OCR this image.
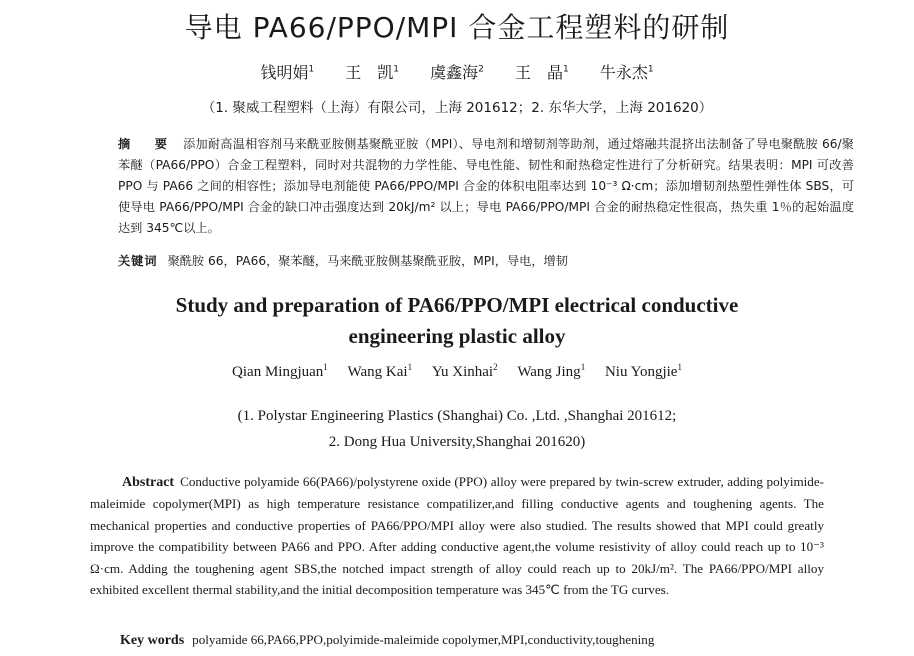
导电 PA66/PPO/MPI 合金工程塑料的研制
钱明娟$^1$ 王　凯$^1$ 虞鑫海$^2$ 王　晶$^1$ 牛永杰$^1$
（1. 聚威工程塑料（上海）有限公司，上海 201612；2. 东华大学，上海 201620）
摘　要 添加耐高温相容剂马来酰亚胺侧基聚酰亚胺（MPI）、导电剂和增韧剂等助剂，通过熔融共混挤出法制备了导电聚酰胺 66/聚苯醚（PA66/PPO）合金工程塑料，同时对共混物的力学性能、导电性能、韧性和耐热稳定性进行了分析研究。结果表明：MPI 可改善 PPO 与 PA66 之间的相容性；添加导电剂能使 PA66/PPO/MPI 合金的体积电阻率达到 10⁻³ Ω·cm；添加增韧剂热塑性弹性体 SBS，可使导电 PA66/PPO/MPI 合金的缺口冲击强度达到 20kJ/m² 以上；导电 PA66/PPO/MPI 合金的耐热稳定性很高，热失重 1％的起始温度达到 345℃以上。
关键词 聚酰胺 66，PA66，聚苯醚，马来酰亚胺侧基聚酰亚胺，MPI，导电，增韧
Study and preparation of PA66/PPO/MPI electrical conductive
engineering plastic alloy
Qian Mingjuan$^1$ Wang Kai$^1$ Yu Xinhai$^2$ Wang Jing$^1$ Niu Yongjie$^1$
(1. Polystar Engineering Plastics (Shanghai) Co. ,Ltd. ,Shanghai 201612;
2. Dong Hua University,Shanghai 201620)
Abstract Conductive polyamide 66(PA66)/polystyrene oxide (PPO) alloy were prepared by twin-screw extruder, adding polyimide-maleimide copolymer(MPI) as high temperature resistance compatilizer,and filling conductive agents and toughening agents. The mechanical properties and conductive properties of PA66/PPO/MPI alloy were also studied. The results showed that MPI could greatly improve the compatibility between PA66 and PPO. After adding conductive agent,the volume resistivity of alloy could reach up to 10⁻³ Ω·cm. Adding the toughening agent SBS,the notched impact strength of alloy could reach up to 20kJ/m². The PA66/PPO/MPI alloy exhibited excellent thermal stability,and the initial decomposition temperature was 345℃ from the TG curves.
Key words polyamide 66,PA66,PPO,polyimide-maleimide copolymer,MPI,conductivity,toughening
